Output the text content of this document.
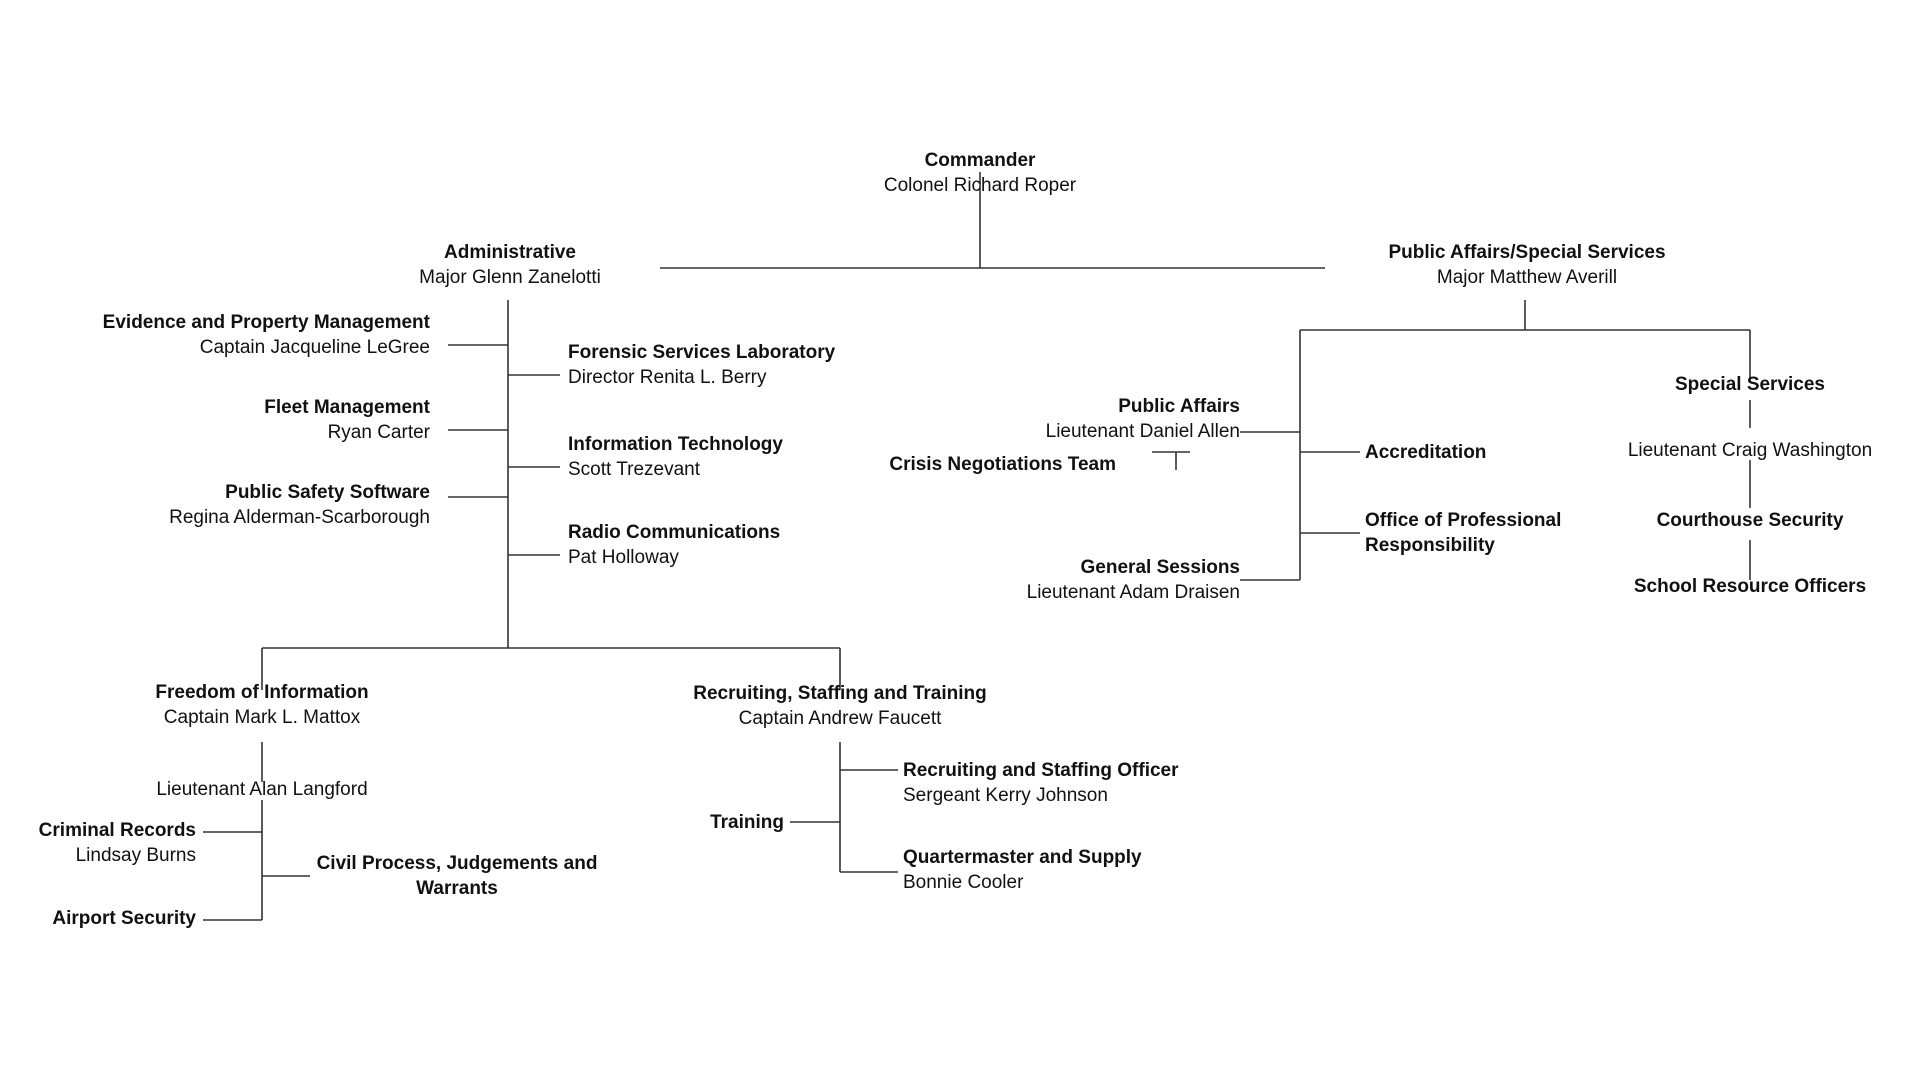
Commander
Colonel Richard Roper
Administrative
Major Glenn Zanelotti
Public Affairs/Special Services
Major Matthew Averill
Evidence and Property Management
Captain Jacqueline LeGree
Fleet Management
Ryan Carter
Public Safety Software
Regina Alderman-Scarborough
Forensic Services Laboratory
Director Renita L. Berry
Information Technology
Scott Trezevant
Radio Communications
Pat Holloway
Freedom of Information
Captain Mark L. Mattox
Lieutenant Alan Langford
Criminal Records
Lindsay Burns
Airport Security
Civil Process, Judgements and Warrants
Recruiting, Staffing and Training
Captain Andrew Faucett
Training
Recruiting and Staffing Officer
Sergeant Kerry Johnson
Quartermaster and Supply
Bonnie Cooler
Public Affairs
Lieutenant Daniel Allen
Crisis Negotiations Team
General Sessions
Lieutenant Adam Draisen
Accreditation
Office of Professional Responsibility
Special Services
Lieutenant Craig Washington
Courthouse Security
School Resource Officers
